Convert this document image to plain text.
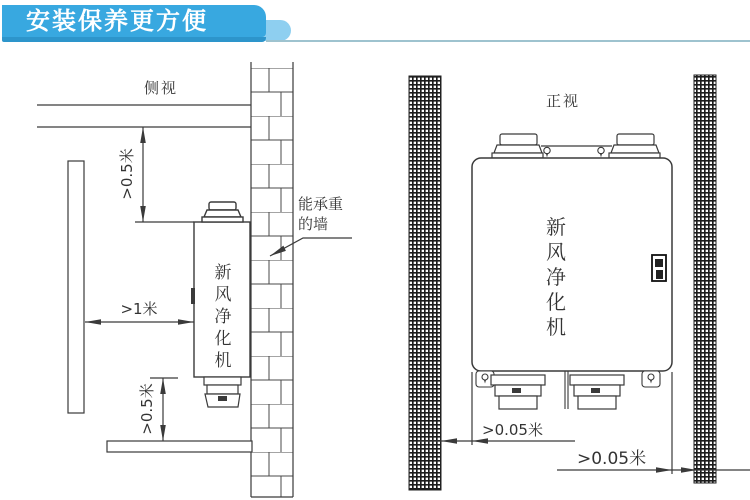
安装保养更方便
侧视
>0.5米
>1米
>0.5米
能承重
的墙
新
风
净
化
机
正视
>0.05米
>0.05米
新
风
净
化
机
